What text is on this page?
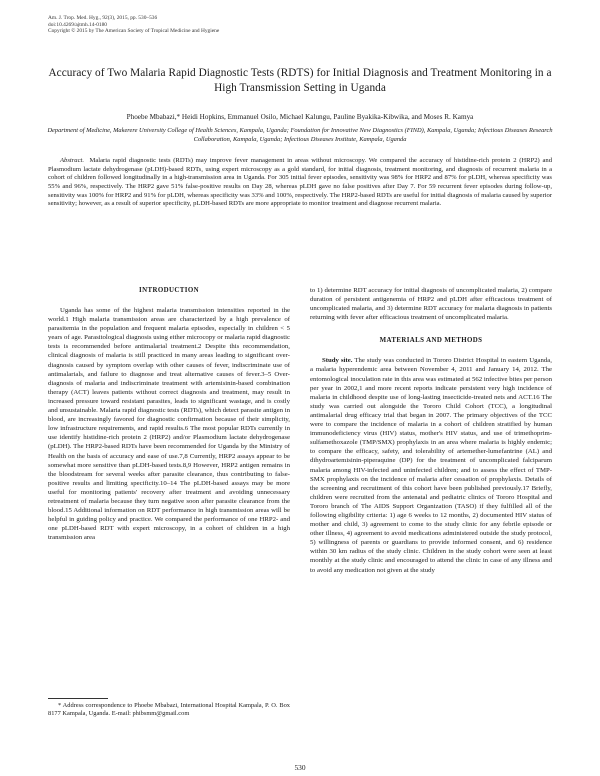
Am. J. Trop. Med. Hyg., 92(3), 2015, pp. 530–536
doi:10.4269/ajtmh.14-0180
Copyright © 2015 by The American Society of Tropical Medicine and Hygiene
Accuracy of Two Malaria Rapid Diagnostic Tests (RDTS) for Initial Diagnosis and Treatment Monitoring in a High Transmission Setting in Uganda
Phoebe Mbabazi,* Heidi Hopkins, Emmanuel Osilo, Michael Kalungu, Pauline Byakika-Kibwika, and Moses R. Kamya
Department of Medicine, Makerere University College of Health Sciences, Kampala, Uganda; Foundation for Innovative New Diagnostics (FIND), Kampala, Uganda; Infectious Diseases Research Collaboration, Kampala, Uganda; Infectious Diseases Institute, Kampala, Uganda
Abstract. Malaria rapid diagnostic tests (RDTs) may improve fever management in areas without microscopy. We compared the accuracy of histidine-rich protein 2 (HRP2) and Plasmodium lactate dehydrogenase (pLDH)-based RDTs, using expert microscopy as a gold standard, for initial diagnosis, treatment monitoring, and diagnosis of recurrent malaria in a cohort of children followed longitudinally in a high-transmission area in Uganda. For 305 initial fever episodes, sensitivity was 98% for HRP2 and 87% for pLDH, whereas specificity was 55% and 96%, respectively. The HRP2 gave 51% false-positive results on Day 28, whereas pLDH gave no false positives after Day 7. For 59 recurrent fever episodes during follow-up, sensitivity was 100% for HRP2 and 91% for pLDH, whereas specificity was 33% and 100%, respectively. The HRP2-based RDTs are useful for initial diagnosis of malaria caused by superior sensitivity; however, as a result of superior specificity, pLDH-based RDTs are more appropriate to monitor treatment and diagnose recurrent malaria.
INTRODUCTION

Uganda has some of the highest malaria transmission intensities reported in the world.1 High malaria transmission areas are characterized by a high prevalence of parasitemia in the population and frequent malaria episodes, especially in children < 5 years of age. Parasitological diagnosis using either microcopy or malaria rapid diagnostic tests is recommended before antimalarial treatment.2 Despite this recommendation, clinical diagnosis of malaria is still practiced in many areas leading to significant over-diagnosis caused by symptom overlap with other causes of fever, indiscriminate use of antimalarials, and failure to diagnose and treat alternative causes of fever.3–5 Over-diagnosis of malaria and indiscriminate treatment with artemisinin-based combination therapy (ACT) leaves patients without correct diagnosis and treatment, may result in increased pressure toward resistant parasites, leads to significant wastage, and is costly and unsustainable. Malaria rapid diagnostic tests (RDTs), which detect parasite antigen in blood, are increasingly favored for diagnostic confirmation because of their simplicity, low infrastructure requirements, and rapid results.6 The most popular RDTs currently in use identify histidine-rich protein 2 (HRP2) and/or Plasmodium lactate dehydrogenase (pLDH). The HRP2-based RDTs have been recommended for Uganda by the Ministry of Health on the basis of accuracy and ease of use.7,8 Currently, HRP2 assays appear to be somewhat more sensitive than pLDH-based tests.8,9 However, HRP2 antigen remains in the bloodstream for several weeks after parasite clearance, thus contributing to false-positive results and limiting specificity.10–14 The pLDH-based assays may be more useful for monitoring patients' recovery after treatment and avoiding unnecessary retreatment of malaria because they turn negative soon after parasite clearance from the blood.15 Additional information on RDT performance in high transmission areas will be helpful in guiding policy and practice. We compared the performance of one HRP2- and one pLDH-based RDT with expert microscopy, in a cohort of children in a high transmission area

to 1) determine RDT accuracy for initial diagnosis of uncomplicated malaria, 2) compare duration of persistent antigenemia of HRP2 and pLDH after efficacious treatment of uncomplicated malaria, and 3) determine RDT accuracy for malaria diagnosis in patients returning with fever after efficacious treatment of uncomplicated malaria.

MATERIALS AND METHODS

Study site. The study was conducted in Tororo District Hospital in eastern Uganda, a malaria hyperendemic area between November 4, 2011 and January 14, 2012. The entomological inoculation rate in this area was estimated at 562 infective bites per person per year in 2002,1 and more recent reports indicate persistent very high incidence of malaria in childhood despite use of long-lasting insecticide-treated nets and ACT.16 The study was carried out alongside the Tororo Child Cohort (TCC), a longitudinal antimalarial drug efficacy trial that began in 2007. The primary objectives of the TCC were to compare the incidence of malaria in a cohort of children stratified by human immunodeficiency virus (HIV) status, mother's HIV status, and use of trimethoprim-sulfamethoxazole (TMP/SMX) prophylaxis in an area where malaria is highly endemic; to compare the efficacy, safety, and tolerability of artemether-lumefantrine (AL) and dihydroartemisinin-piperaquine (DP) for the treatment of uncomplicated falciparum malaria among HIV-infected and uninfected children; and to assess the effect of TMP-SMX prophylaxis on the incidence of malaria after cessation of prophylaxis. Details of the screening and recruitment of this cohort have been published previously.17 Briefly, children were recruited from the antenatal and pediatric clinics of Tororo Hospital and Tororo branch of The AIDS Support Organization (TASO) if they fulfilled all of the following eligibility criteria: 1) age 6 weeks to 12 months, 2) documented HIV status of mother and child, 3) agreement to come to the study clinic for any febrile episode or other illness, 4) agreement to avoid medications administered outside the study protocol, 5) willingness of parents or guardians to provide informed consent, and 6) residence within 30 km radius of the study clinic. Children in the study cohort were seen at least monthly at the study clinic and encouraged to attend the clinic in case of any illness and to avoid any medication not given at the study

* Address correspondence to Phoebe Mbabazi, International Hospital Kampala, P. O. Box 8177 Kampala, Uganda. E-mail: phibsmm@gmail.com
530
